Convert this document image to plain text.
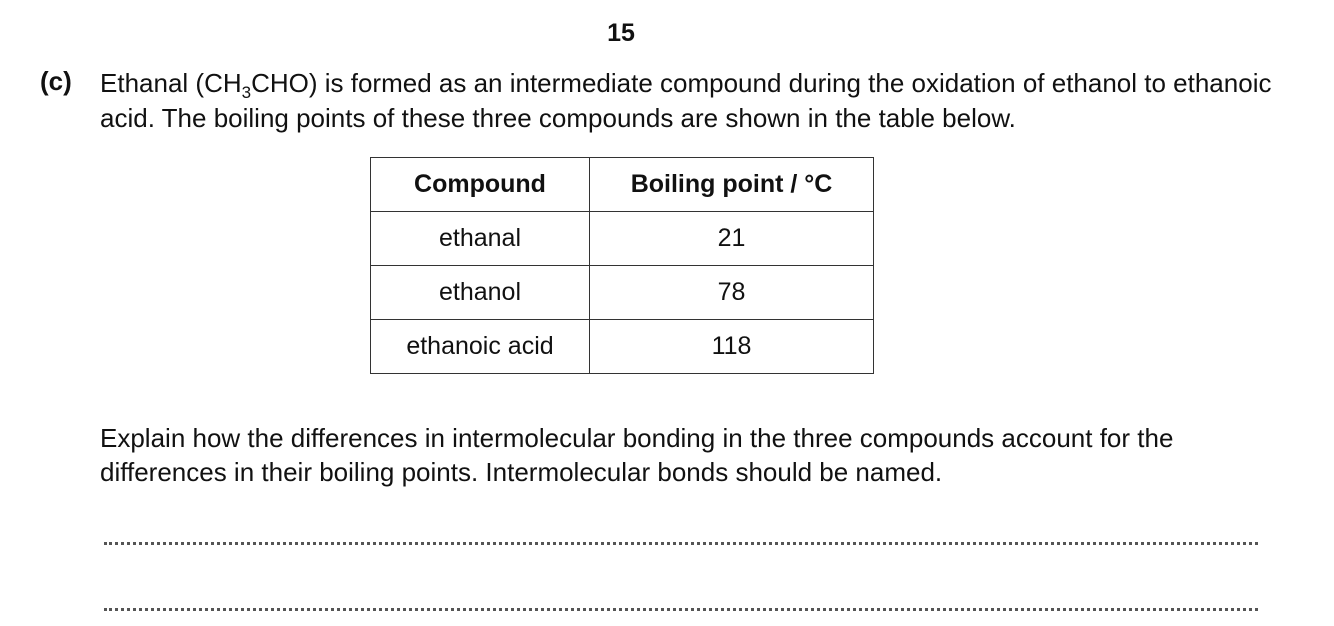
15
(c) Ethanal $(CH_3CHO)$ is formed as an intermediate compound during the oxidation of ethanol to ethanoic acid. The boiling points of these three compounds are shown in the table below.
Compound	Boiling point / °C
ethanal	21
ethanol	78
ethanoic acid	118
Explain how the differences in intermolecular bonding in the three compounds account for the differences in their boiling points. Intermolecular bonds should be named.
